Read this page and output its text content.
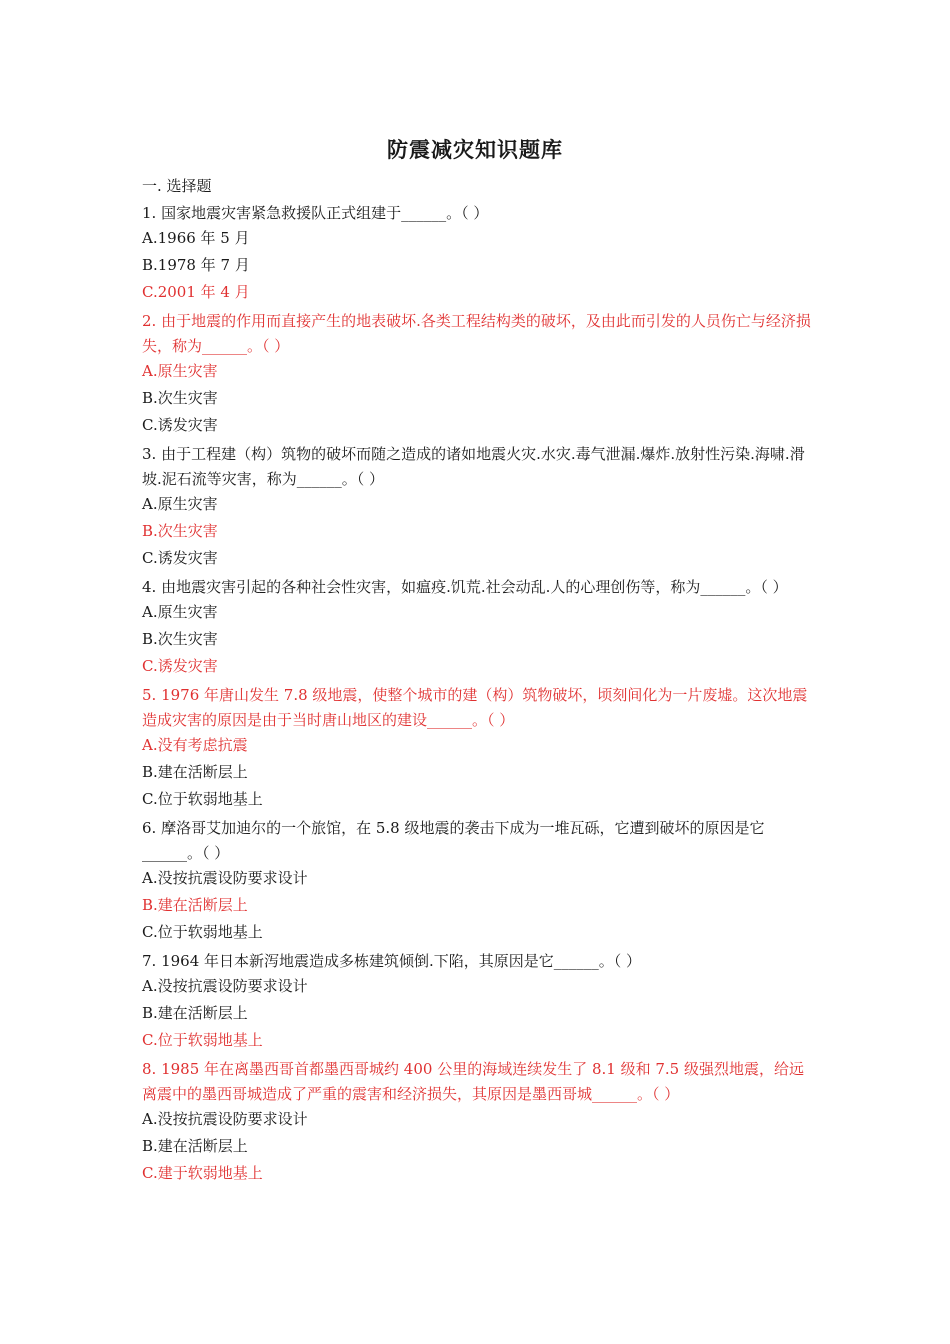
防震减灾知识题库
一. 选择题
1. 国家地震灾害紧急救援队正式组建于______。（ ）
A.1966 年 5 月
B.1978 年 7 月
C.2001 年 4 月
2. 由于地震的作用而直接产生的地表破坏.各类工程结构类的破坏，及由此而引发的人员伤亡与经济损失，称为______。（ ）
A.原生灾害
B.次生灾害
C.诱发灾害
3. 由于工程建（构）筑物的破坏而随之造成的诸如地震火灾.水灾.毒气泄漏.爆炸.放射性污染.海啸.滑坡.泥石流等灾害，称为______。（ ）
A.原生灾害
B.次生灾害
C.诱发灾害
4. 由地震灾害引起的各种社会性灾害，如瘟疫.饥荒.社会动乱.人的心理创伤等，称为______。（ ）
A.原生灾害
B.次生灾害
C.诱发灾害
5. 1976 年唐山发生 7.8 级地震，使整个城市的建（构）筑物破坏，顷刻间化为一片废墟。这次地震造成灾害的原因是由于当时唐山地区的建设______。（ ）
A.没有考虑抗震
B.建在活断层上
C.位于软弱地基上
6. 摩洛哥艾加迪尔的一个旅馆，在 5.8 级地震的袭击下成为一堆瓦砾，它遭到破坏的原因是它______。（ ）
A.没按抗震设防要求设计
B.建在活断层上
C.位于软弱地基上
7. 1964 年日本新泻地震造成多栋建筑倾倒.下陷，其原因是它______。（ ）
A.没按抗震设防要求设计
B.建在活断层上
C.位于软弱地基上
8. 1985 年在离墨西哥首都墨西哥城约 400 公里的海域连续发生了 8.1 级和 7.5 级强烈地震，给远离震中的墨西哥城造成了严重的震害和经济损失，其原因是墨西哥城______。（ ）
A.没按抗震设防要求设计
B.建在活断层上
C.建于软弱地基上
